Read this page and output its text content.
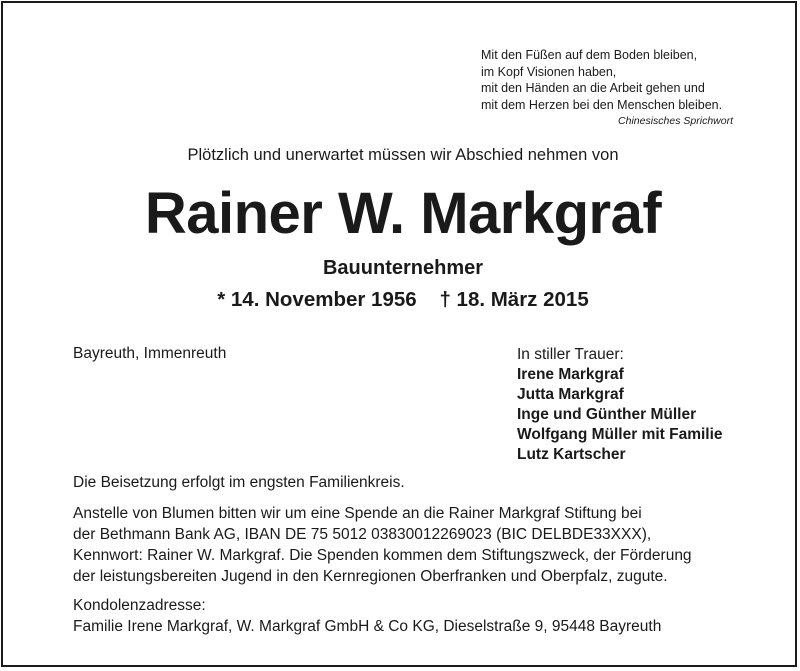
Mit den Füßen auf dem Boden bleiben,
im Kopf Visionen haben,
mit den Händen an die Arbeit gehen und
mit dem Herzen bei den Menschen bleiben.
Chinesisches Sprichwort
Plötzlich und unerwartet müssen wir Abschied nehmen von
Rainer W. Markgraf
Bauunternehmer
* 14. November 1956    † 18. März 2015
Bayreuth, Immenreuth	In stiller Trauer:
Irene Markgraf
Jutta Markgraf
Inge und Günther Müller
Wolfgang Müller mit Familie
Lutz Kartscher
Die Beisetzung erfolgt im engsten Familienkreis.
Anstelle von Blumen bitten wir um eine Spende an die Rainer Markgraf Stiftung bei
der Bethmann Bank AG, IBAN DE 75 5012 03830012269023 (BIC DELBDE33XXX),
Kennwort: Rainer W. Markgraf. Die Spenden kommen dem Stiftungszweck, der Förderung
der leistungsbereiten Jugend in den Kernregionen Oberfranken und Oberpfalz, zugute.
Kondolenzadresse:
Familie Irene Markgraf, W. Markgraf GmbH & Co KG, Dieselstraße 9, 95448 Bayreuth
